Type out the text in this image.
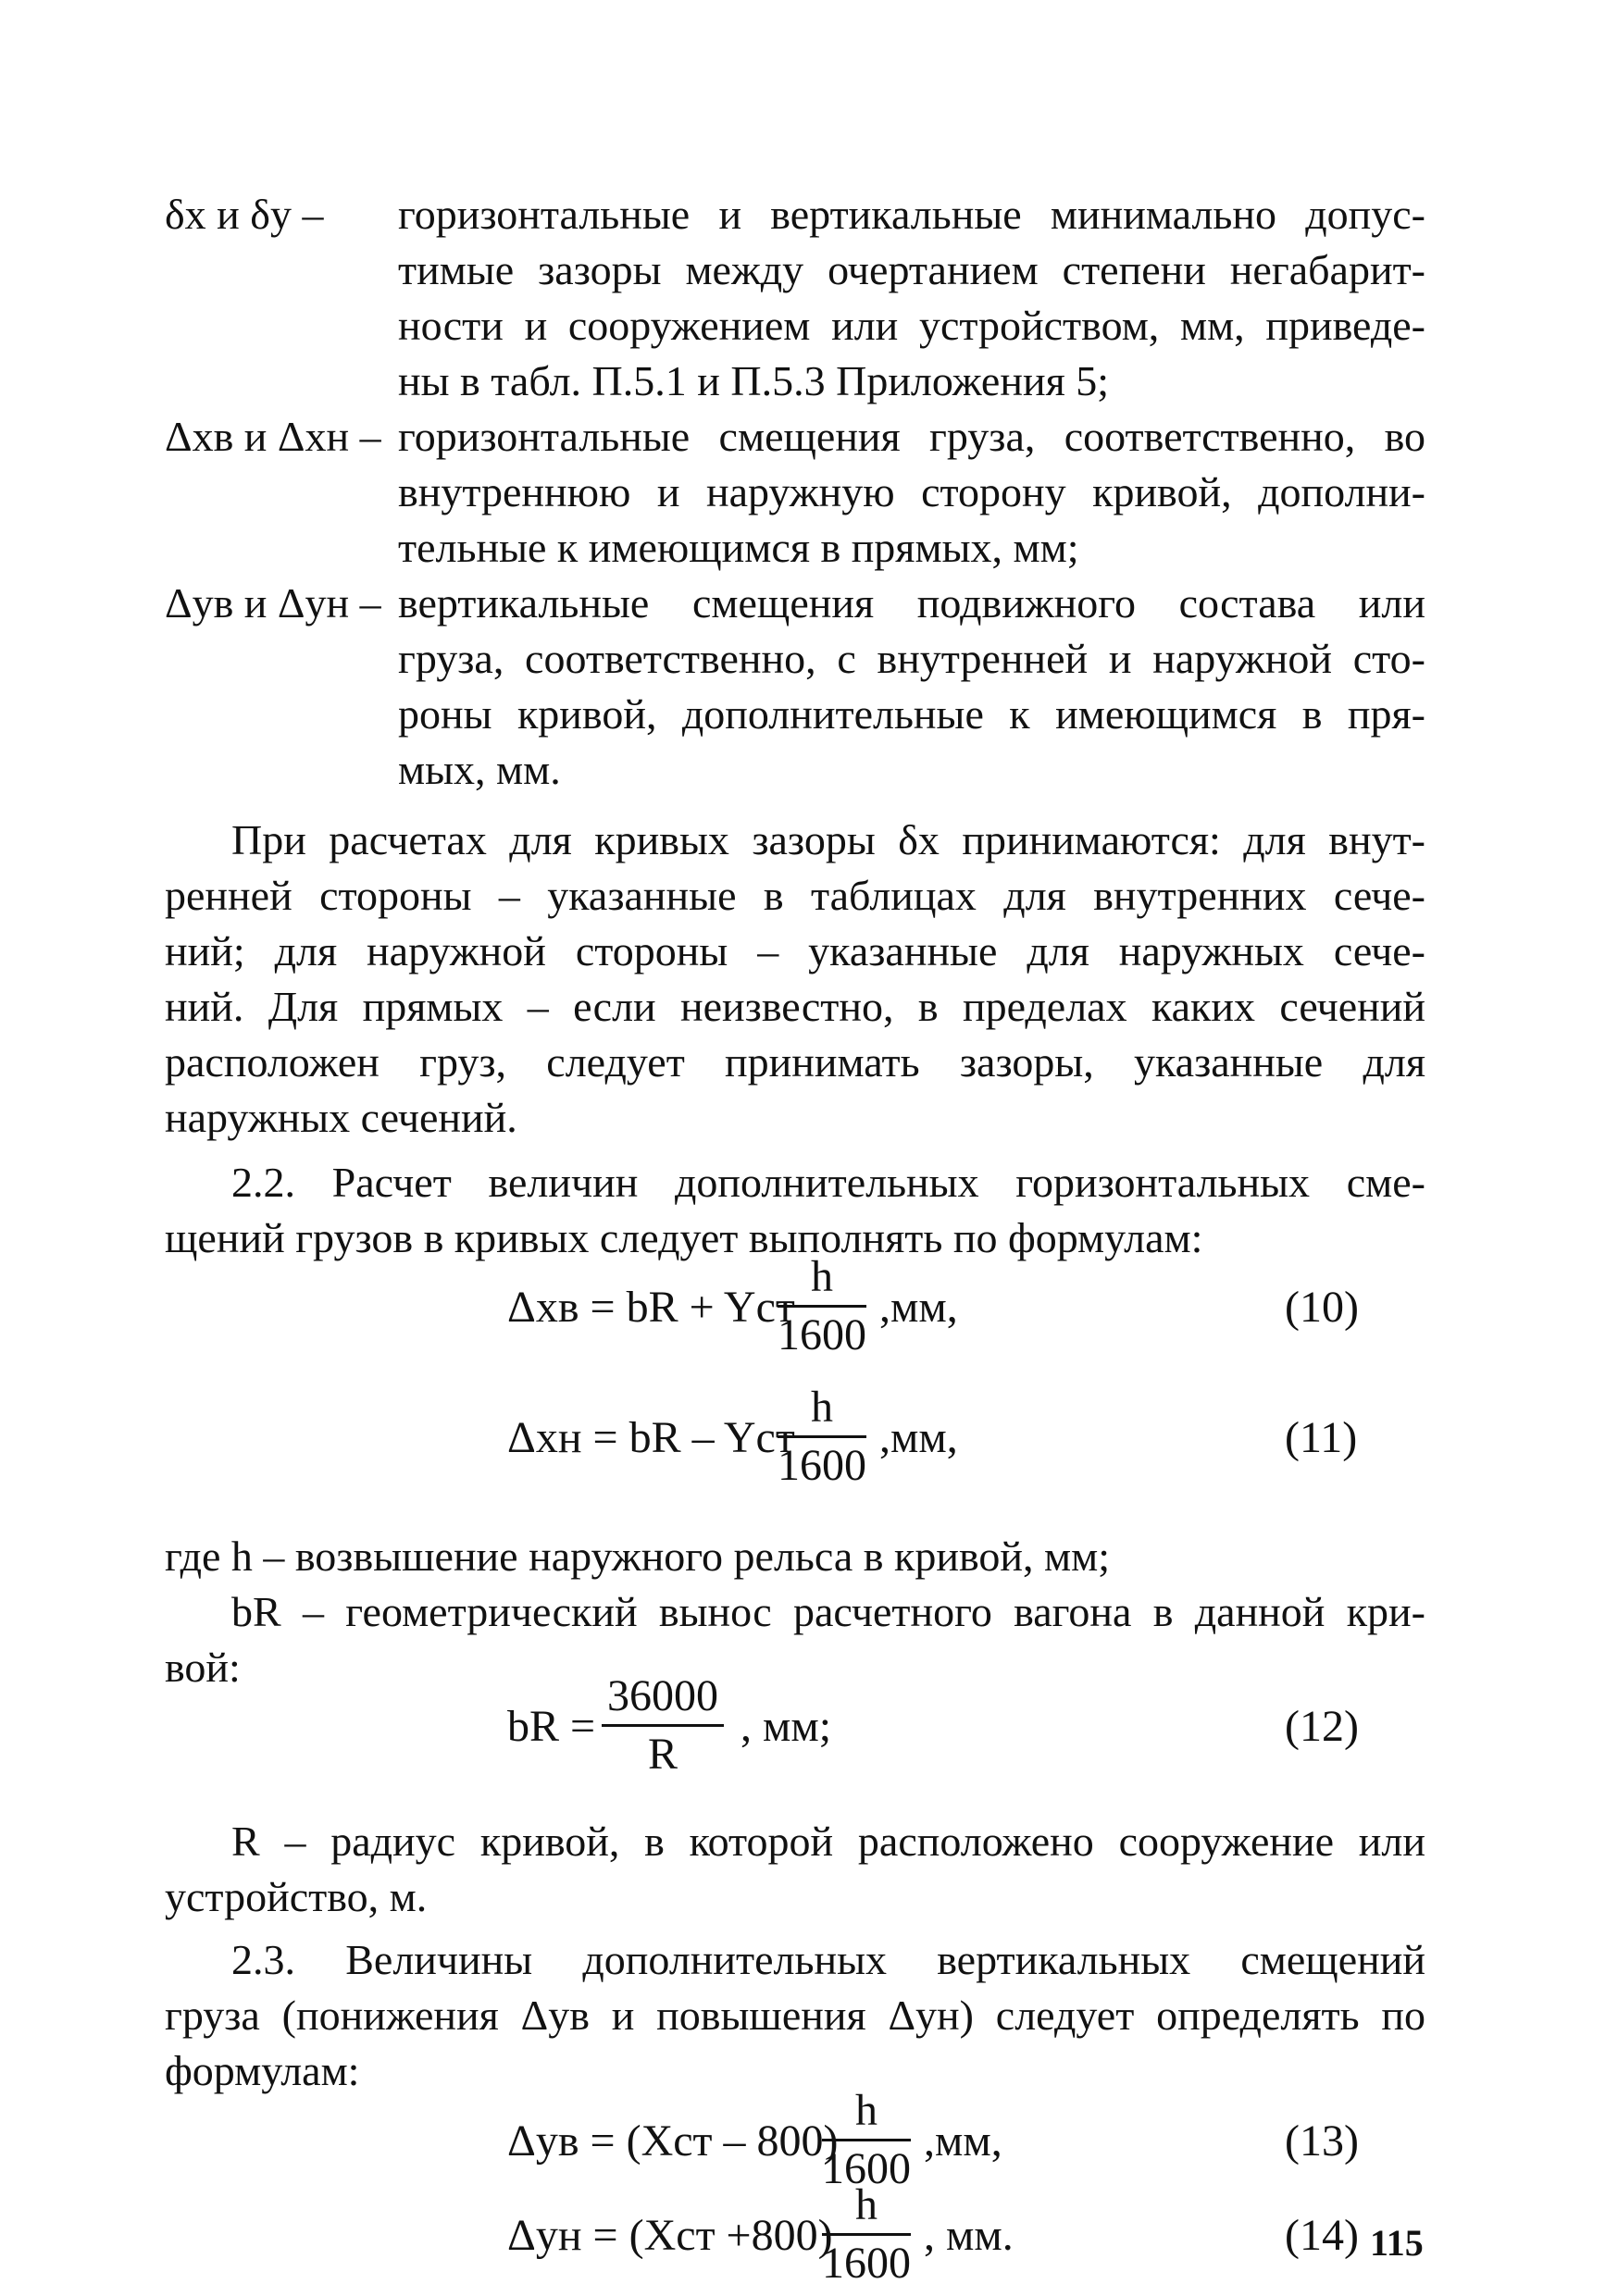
δx и δy – горизонтальные и вертикальные минимально допус-
тимые зазоры между очертанием степени негабарит-
ности и сооружением или устройством, мм, приведе-
ны в табл. П.5.1 и П.5.3 Приложения 5;
Δxв и Δxн – горизонтальные смещения груза, соответственно, во
внутреннюю и наружную сторону кривой, дополни-
тельные к имеющимся в прямых, мм;
Δyв и Δyн – вертикальные смещения подвижного состава или
груза, соответственно, с внутренней и наружной сто-
роны кривой, дополнительные к имеющимся в пря-
мых, мм.
При расчетах для кривых зазоры δx принимаются: для внут-
ренней стороны – указанные в таблицах для внутренних сече-
ний; для наружной стороны – указанные для наружных сече-
ний. Для прямых – если неизвестно, в пределах каких сечений
расположен груз, следует принимать зазоры, указанные для
наружных сечений.
2.2. Расчет величин дополнительных горизонтальных сме-
щений грузов в кривых следует выполнять по формулам:
Δxв = bR + Yст
$\frac{h}{1600} ,мм$,	(10)
Δxн = bR – Yст
$\frac{h}{1600} ,мм$,	(11)
где h – возвышение наружного рельса в кривой, мм;
bR – геометрический вынос расчетного вагона в данной кри-
вой:
bR = $\frac{36000}{R}$ , мм;	(12)
R – радиус кривой, в которой расположено сооружение или
устройство, м.
2.3. Величины дополнительных вертикальных смещений
груза (понижения Δyв и повышения Δyн) следует определять по
формулам:
Δyв = (Xст – 800)
$\frac{h}{1600} ,мм$,	(13)
Δyн = (Xст +800)
$\frac{h}{1600}$ , мм.	(14) 115
